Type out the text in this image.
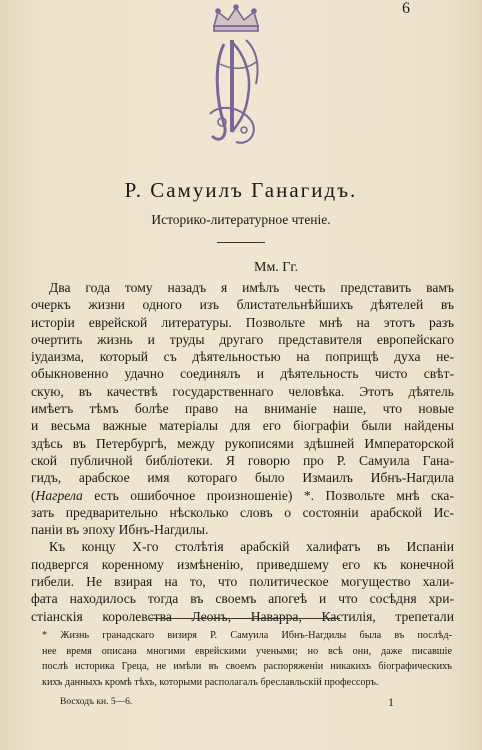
6
Р. Самуилъ Ганагидъ.

Историко-литературное чтеніе.

Мм. Гг.

Два года тому назадъ я имѣлъ честь представить вамъ
очеркъ жизни одного изъ блистательнѣйшихъ дѣятелей въ
исторіи еврейской литературы. Позвольте мнѣ на этотъ разъ
очертить жизнь и труды другаго представителя европейскаго
іудаизма, который съ дѣятельностью на поприщѣ духа не-
обыкновенно удачно соединялъ и дѣятельность чисто свѣт-
скую, въ качествѣ государственнаго человѣка. Этотъ дѣятель
имѣетъ тѣмъ болѣе право на вниманіе наше, что новые
и весьма важные матеріалы для его біографіи были найдены
здѣсь въ Петербургѣ, между рукописями здѣшней Императорской
ской публичной библіотеки. Я говорю про Р. Самуила Гана-
гидъ, арабское имя котораго было Измаилъ Ибнъ-Нагдила
(Нагрела есть ошибочное произношеніе) *. Позвольте мнѣ ска-
зать предварительно нѣсколько словъ о состояніи арабской Ис-
паніи въ эпоху Ибнъ-Нагдилы.

Къ концу X-го столѣтія арабскій халифатъ въ Испаніи
подвергся коренному измѣненію, приведшему его къ конечной
гибели. Не взирая на то, что политическое могущество хали-
фата находилось тогда въ своемъ апогеѣ и что сосѣдня хри-
стіанскія королевства Леонъ, Наварра, Кастилія, трепетали

* Жизнь гранадскаго визиря Р. Самуила Ибнъ-Нагдилы была въ послѣд-
нее время описана многими еврейскими учеными; но всѣ они, даже писавшіе
послѣ историка Греца, не имѣли въ своемъ распоряженіи никакихъ біографическихъ
кихъ данныхъ кромѣ тѣхъ, которыми располагалъ бреславльскій профессоръ.
Восходъ кн. 5—6.	1
